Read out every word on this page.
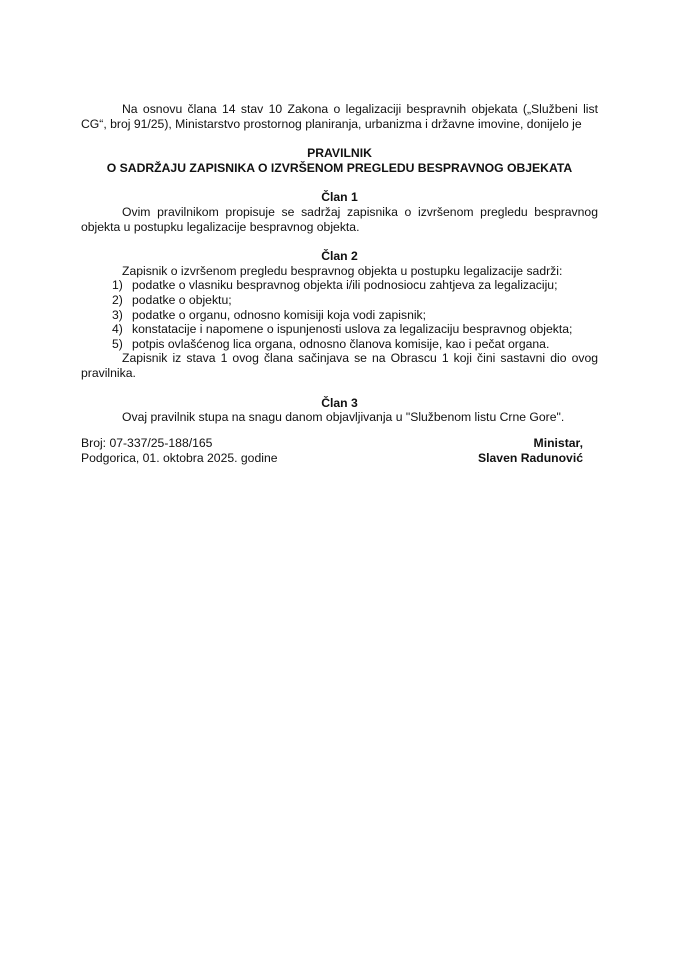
Na osnovu člana 14 stav 10 Zakona o legalizaciji bespravnih objekata („Službeni list CG“, broj 91/25), Ministarstvo prostornog planiranja, urbanizma i državne imovine, donijelo je

PRAVILNIK
O SADRŽAJU ZAPISNIKA O IZVRŠENOM PREGLEDU BESPRAVNOG OBJEKATA
Član 1

Ovim pravilnikom propisuje se sadržaj zapisnika o izvršenom pregledu bespravnog objekta u postupku legalizacije bespravnog objekta.

Član 2

Zapisnik o izvršenom pregledu bespravnog objekta u postupku legalizacije sadrži:

1) podatke o vlasniku bespravnog objekta i/ili podnosiocu zahtjeva za legalizaciju;
2) podatke o objektu;
3) podatke o organu, odnosno komisiji koja vodi zapisnik;
4) konstatacije i napomene o ispunjenosti uslova za legalizaciju bespravnog objekta;
5) potpis ovlašćenog lica organa, odnosno članova komisije, kao i pečat organa.

Zapisnik iz stava 1 ovog člana sačinjava se na Obrascu 1 koji čini sastavni dio ovog pravilnika.

Član 3

Ovaj pravilnik stupa na snagu danom objavljivanja u "Službenom listu Crne Gore".

Broj: 07-337/25-188/165
Podgorica, 01. oktobra 2025. godine
Ministar,
Slaven Radunović
